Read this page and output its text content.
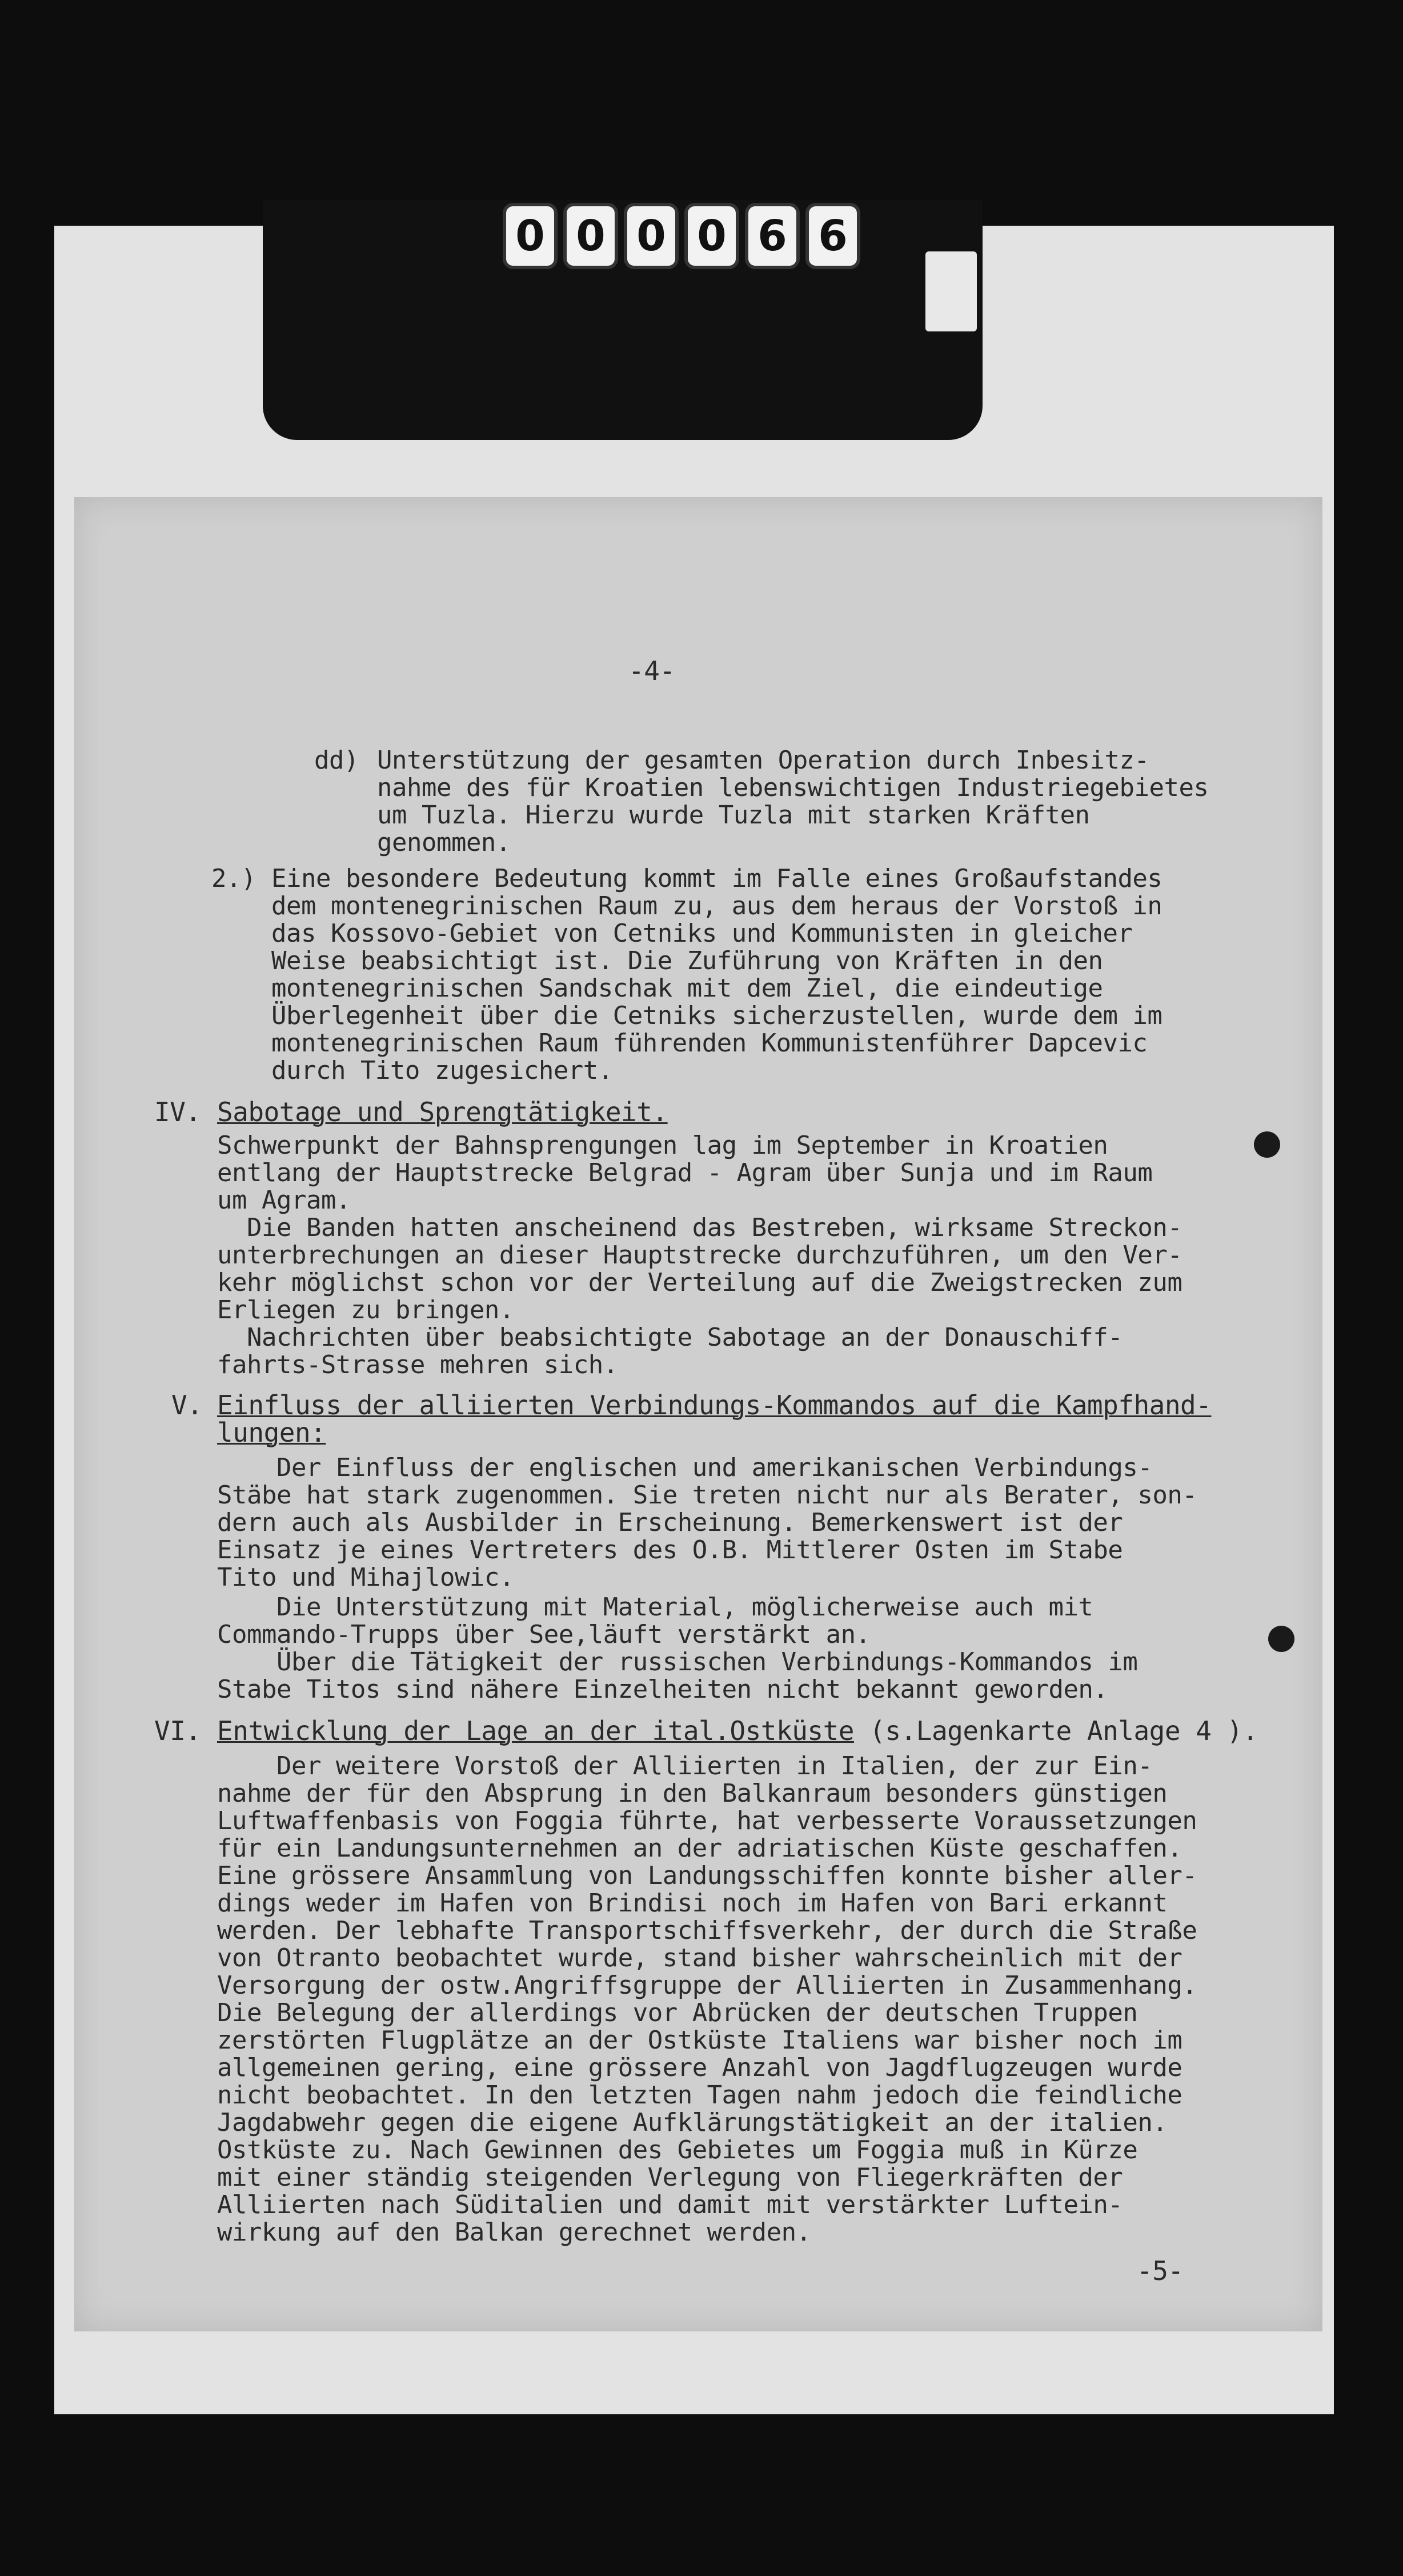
0 0 0 0 6 6
-4-
dd) Unterstützung der gesamten Operation durch Inbesitz-
nahme des für Kroatien lebenswichtigen Industriegebietes
um Tuzla. Hierzu wurde Tuzla mit starken Kräften
genommen.
2.) Eine besondere Bedeutung kommt im Falle eines Großaufstandes
dem montenegrinischen Raum zu, aus dem heraus der Vorstoß in
das Kossovo-Gebiet von Cetniks und Kommunisten in gleicher
Weise beabsichtigt ist. Die Zuführung von Kräften in den
montenegrinischen Sandschak mit dem Ziel, die eindeutige
Überlegenheit über die Cetniks sicherzustellen, wurde dem im
montenegrinischen Raum führenden Kommunistenführer Dapcevic
durch Tito zugesichert.
IV. Sabotage und Sprengtätigkeit.
Schwerpunkt der Bahnsprengungen lag im September in Kroatien
entlang der Hauptstrecke Belgrad - Agram über Sunja und im Raum
um Agram.
Die Banden hatten anscheinend das Bestreben, wirksame Streckon-
unterbrechungen an dieser Hauptstrecke durchzuführen, um den Ver-
kehr möglichst schon vor der Verteilung auf die Zweigstrecken zum
Erliegen zu bringen.
Nachrichten über beabsichtigte Sabotage an der Donauschiff-
fahrts-Strasse mehren sich.
V. Einfluss der alliierten Verbindungs-Kommandos auf die Kampfhand-
lungen:
Der Einfluss der englischen und amerikanischen Verbindungs-
Stäbe hat stark zugenommen. Sie treten nicht nur als Berater, son-
dern auch als Ausbilder in Erscheinung. Bemerkenswert ist der
Einsatz je eines Vertreters des O.B. Mittlerer Osten im Stabe
Tito und Mihajlowic.
Die Unterstützung mit Material, möglicherweise auch mit
Commando-Trupps über See,läuft verstärkt an.
Über die Tätigkeit der russischen Verbindungs-Kommandos im
Stabe Titos sind nähere Einzelheiten nicht bekannt geworden.
VI. Entwicklung der Lage an der ital.Ostküste (s.Lagenkarte Anlage 4 ).
Der weitere Vorstoß der Alliierten in Italien, der zur Ein-
nahme der für den Absprung in den Balkanraum besonders günstigen
Luftwaffenbasis von Foggia führte, hat verbesserte Voraussetzungen
für ein Landungsunternehmen an der adriatischen Küste geschaffen.
Eine grössere Ansammlung von Landungsschiffen konnte bisher aller-
dings weder im Hafen von Brindisi noch im Hafen von Bari erkannt
werden. Der lebhafte Transportschiffsverkehr, der durch die Straße
von Otranto beobachtet wurde, stand bisher wahrscheinlich mit der
Versorgung der ostw.Angriffsgruppe der Alliierten in Zusammenhang.
Die Belegung der allerdings vor Abrücken der deutschen Truppen
zerstörten Flugplätze an der Ostküste Italiens war bisher noch im
allgemeinen gering, eine grössere Anzahl von Jagdflugzeugen wurde
nicht beobachtet. In den letzten Tagen nahm jedoch die feindliche
Jagdabwehr gegen die eigene Aufklärungstätigkeit an der italien.
Ostküste zu. Nach Gewinnen des Gebietes um Foggia muß in Kürze
mit einer ständig steigenden Verlegung von Fliegerkräften der
Alliierten nach Süditalien und damit mit verstärkter Luftein-
wirkung auf den Balkan gerechnet werden.
-5-
